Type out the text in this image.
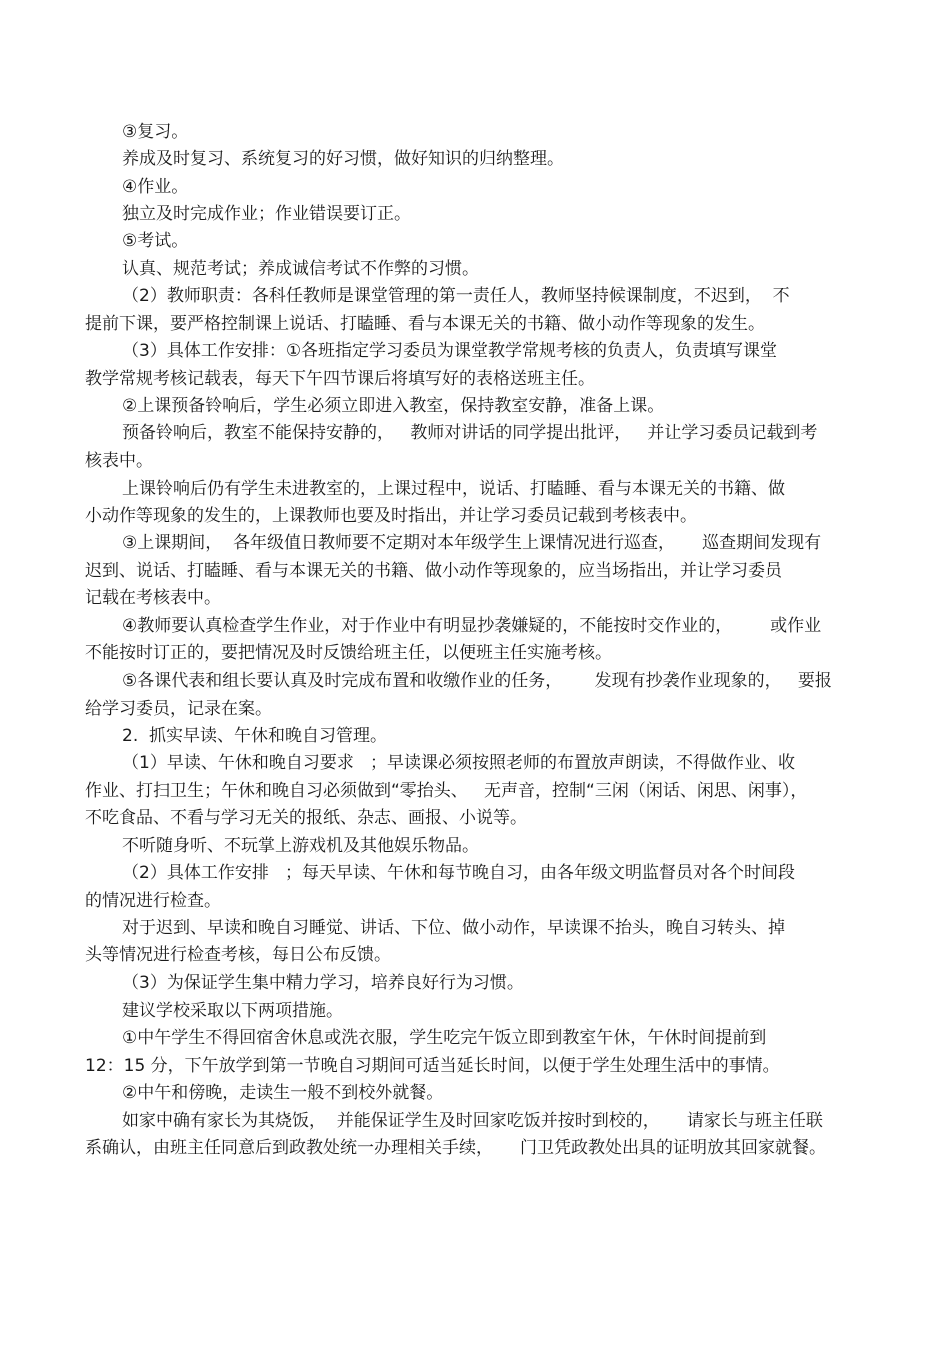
③复习。
养成及时复习、系统复习的好习惯，做好知识的归纳整理。
④作业。
独立及时完成作业；作业错误要订正。
⑤考试。
认真、规范考试；养成诚信考试不作弊的习惯。
（2）教师职责：各科任教师是课堂管理的第一责任人，教师坚持候课制度，不迟到，  不
提前下课，要严格控制课上说话、打瞌睡、看与本课无关的书籍、做小动作等现象的发生。
（3）具体工作安排：①各班指定学习委员为课堂教学常规考核的负责人，负责填写课堂
教学常规考核记载表，每天下午四节课后将填写好的表格送班主任。
②上课预备铃响后，学生必须立即进入教室，保持教室安静，准备上课。
预备铃响后，教室不能保持安静的，   教师对讲话的同学提出批评，   并让学习委员记载到考
核表中。
上课铃响后仍有学生未进教室的，上课过程中，说话、打瞌睡、看与本课无关的书籍、做
小动作等现象的发生的，上课教师也要及时指出，并让学习委员记载到考核表中。
③上课期间，  各年级值日教师要不定期对本年级学生上课情况进行巡查，     巡查期间发现有
迟到、说话、打瞌睡、看与本课无关的书籍、做小动作等现象的，应当场指出，并让学习委员
记载在考核表中。
④教师要认真检查学生作业，对于作业中有明显抄袭嫌疑的，不能按时交作业的，       或作业
不能按时订正的，要把情况及时反馈给班主任，以便班主任实施考核。
⑤各课代表和组长要认真及时完成布置和收缴作业的任务，      发现有抄袭作业现象的，   要报
给学习委员，记录在案。
2.  抓实早读、午休和晚自习管理。
（1）早读、午休和晚自习要求   ；早读课必须按照老师的布置放声朗读，不得做作业、收
作业、打扫卫生；午休和晚自习必须做到“零抬头、   无声音，控制“三闲（闲话、闲思、闲事），
不吃食品、不看与学习无关的报纸、杂志、画报、小说等。
不听随身听、不玩掌上游戏机及其他娱乐物品。
（2）具体工作安排   ；每天早读、午休和每节晚自习，由各年级文明监督员对各个时间段
的情况进行检查。
对于迟到、早读和晚自习睡觉、讲话、下位、做小动作，早读课不抬头，晚自习转头、掉
头等情况进行检查考核，每日公布反馈。
（3）为保证学生集中精力学习，培养良好行为习惯。
建议学校采取以下两项措施。
①中午学生不得回宿舍休息或洗衣服，学生吃完午饭立即到教室午休，午休时间提前到
12：15 分，下午放学到第一节晚自习期间可适当延长时间，以便于学生处理生活中的事情。
②中午和傍晚，走读生一般不到校外就餐。
如家中确有家长为其烧饭，  并能保证学生及时回家吃饭并按时到校的，     请家长与班主任联
系确认，由班主任同意后到政教处统一办理相关手续，     门卫凭政教处出具的证明放其回家就餐。
